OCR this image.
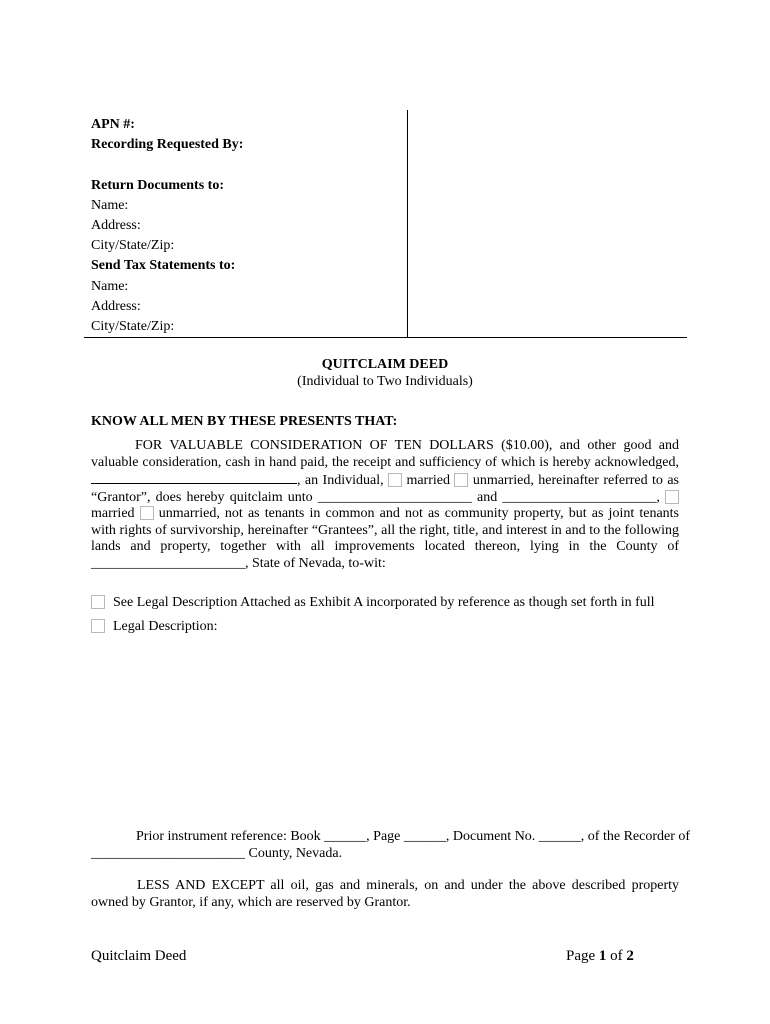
APN #:
Recording Requested By:
Return Documents to:
Name:
Address:
City/State/Zip:
Send Tax Statements to:
Name:
Address:
City/State/Zip:
QUITCLAIM DEED
(Individual to Two Individuals)
KNOW ALL MEN BY THESE PRESENTS THAT:
FOR VALUABLE CONSIDERATION OF TEN DOLLARS ($10.00), and other good and valuable consideration, cash in hand paid, the receipt and sufficiency of which is hereby acknowledged, , an Individual, married unmarried, hereinafter referred to as “Grantor”, does hereby quitclaim unto ______________________ and ______________________,  married unmarried, not as tenants in common and not as community property, but as joint tenants with rights of survivorship, hereinafter “Grantees”, all the right, title, and interest in and to the following lands and property, together with all improvements located thereon, lying in the County of ______________________, State of Nevada, to-wit:
See Legal Description Attached as Exhibit A incorporated by reference as though set forth in full
Legal Description:
Prior instrument reference: Book ______, Page ______, Document No. ______, of the Recorder of
______________________ County, Nevada.
LESS AND EXCEPT all oil, gas and minerals, on and under the above described property owned by Grantor, if any, which are reserved by Grantor.
Quitclaim Deed	Page 1 of 2
